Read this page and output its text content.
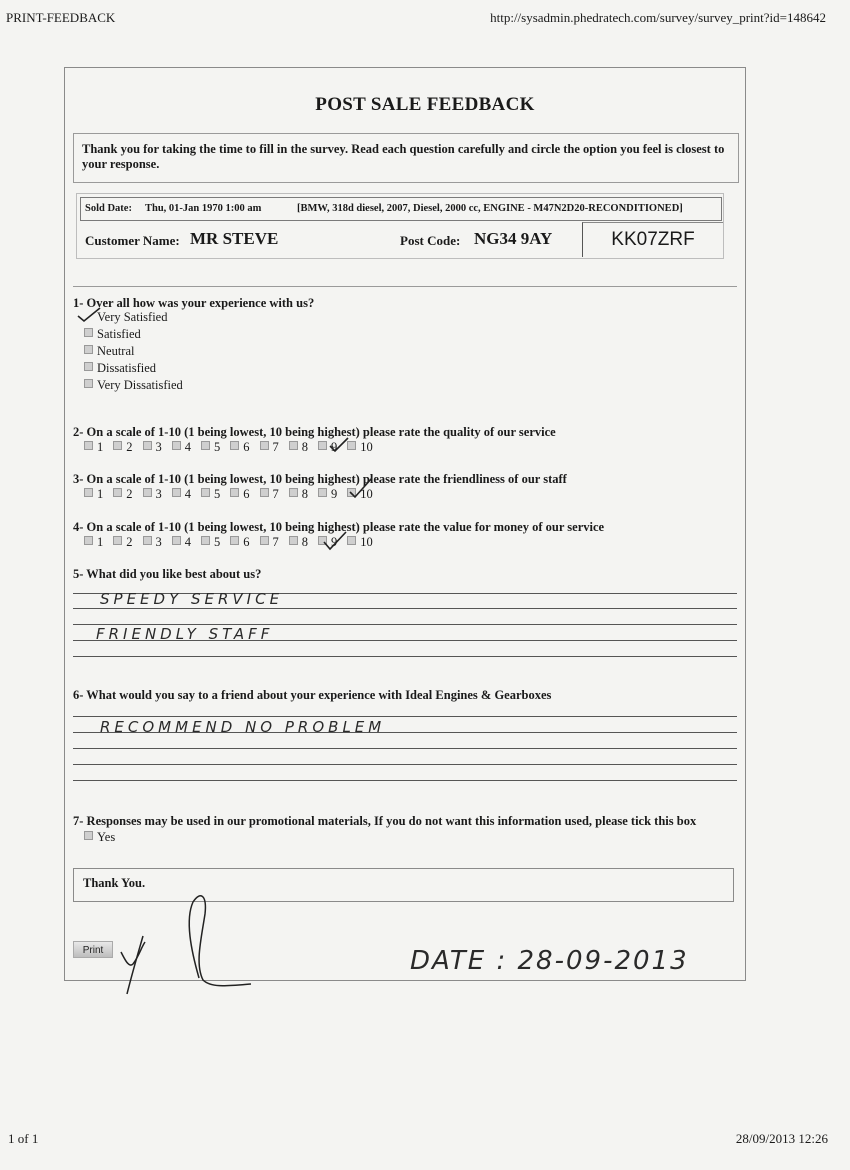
PRINT-FEEDBACK	http://sysadmin.phedratech.com/survey/survey_print?id=148642
POST SALE FEEDBACK
Thank you for taking the time to fill in the survey. Read each question carefully and circle the option you feel is closest to your response.
Sold Date: Thu, 01-Jan 1970 1:00 am	[BMW, 318d diesel, 2007, Diesel, 2000 cc, ENGINE - M47N2D20-RECONDITIONED]
Customer Name: MR STEVE	Post Code: NG34 9AY	KK07ZRF
1- Over all how was your experience with us?
Very Satisfied
Satisfied
Neutral
Dissatisfied
Very Dissatisfied
2- On a scale of 1-10 (1 being lowest, 10 being highest) please rate the quality of our service
1 2 3 4 5 6 7 8 9 10
3- On a scale of 1-10 (1 being lowest, 10 being highest) please rate the friendliness of our staff
1 2 3 4 5 6 7 8 9 10
4- On a scale of 1-10 (1 being lowest, 10 being highest) please rate the value for money of our service
1 2 3 4 5 6 7 8 9 10
5- What did you like best about us?
SPEEDY SERVICE
FRIENDLY STAFF
6- What would you say to a friend about your experience with Ideal Engines & Gearboxes
RECOMMEND NO PROBLEM
7- Responses may be used in our promotional materials, If you do not want this information used, please tick this box
Yes
Thank You.
Print	DATE : 28-09-2013
1 of 1	28/09/2013 12:26
